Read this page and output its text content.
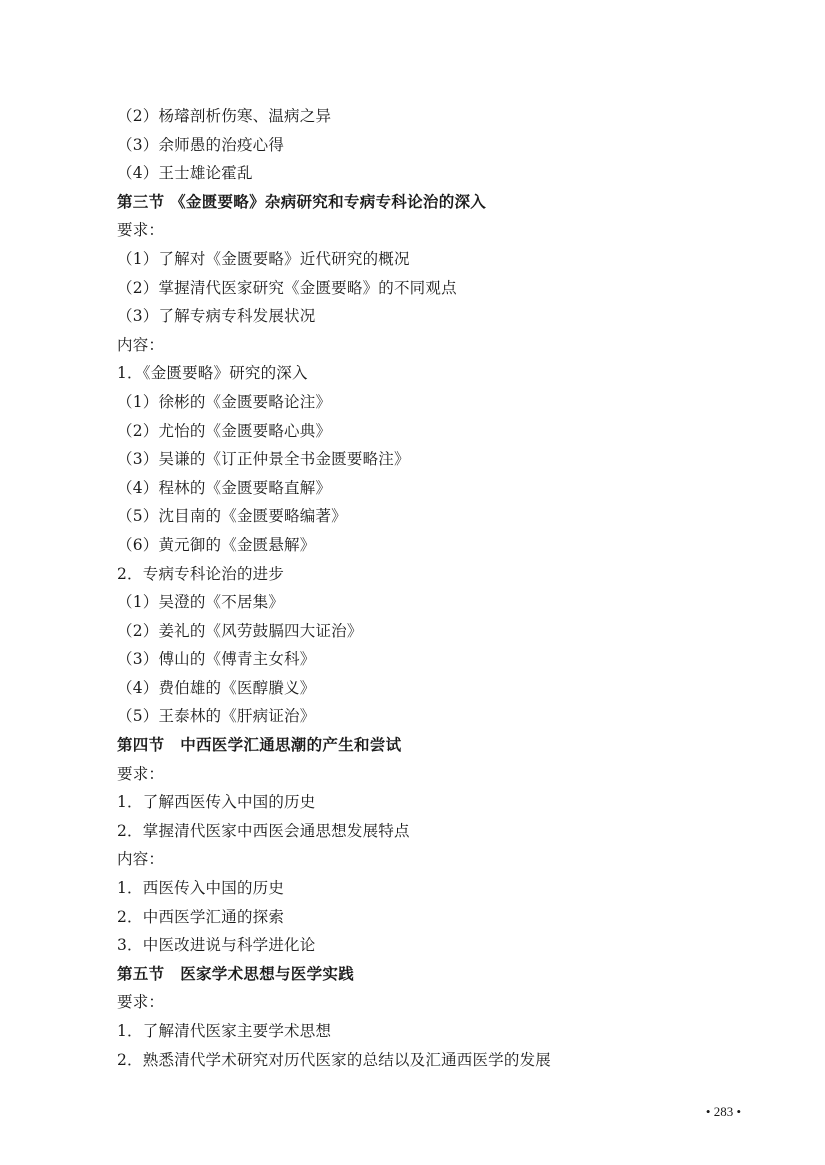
（2）杨璿剖析伤寒、温病之异
（3）余师愚的治疫心得
（4）王士雄论霍乱
第三节 《金匮要略》杂病研究和专病专科论治的深入
要求：
（1）了解对《金匮要略》近代研究的概况
（2）掌握清代医家研究《金匮要略》的不同观点
（3）了解专病专科发展状况
内容：
1．《金匮要略》研究的深入
（1）徐彬的《金匮要略论注》
（2）尤怡的《金匮要略心典》
（3）吴谦的《订正仲景全书金匮要略注》
（4）程林的《金匮要略直解》
（5）沈目南的《金匮要略编著》
（6）黄元御的《金匮悬解》
2．专病专科论治的进步
（1）吴澄的《不居集》
（2）姜礼的《风劳鼓膈四大证治》
（3）傅山的《傅青主女科》
（4）费伯雄的《医醇賸义》
（5）王泰林的《肝病证治》
第四节　中西医学汇通思潮的产生和尝试
要求：
1．了解西医传入中国的历史
2．掌握清代医家中西医会通思想发展特点
内容：
1．西医传入中国的历史
2．中西医学汇通的探索
3．中医改进说与科学进化论
第五节　医家学术思想与医学实践
要求：
1．了解清代医家主要学术思想
2．熟悉清代学术研究对历代医家的总结以及汇通西医学的发展
• 283 •
